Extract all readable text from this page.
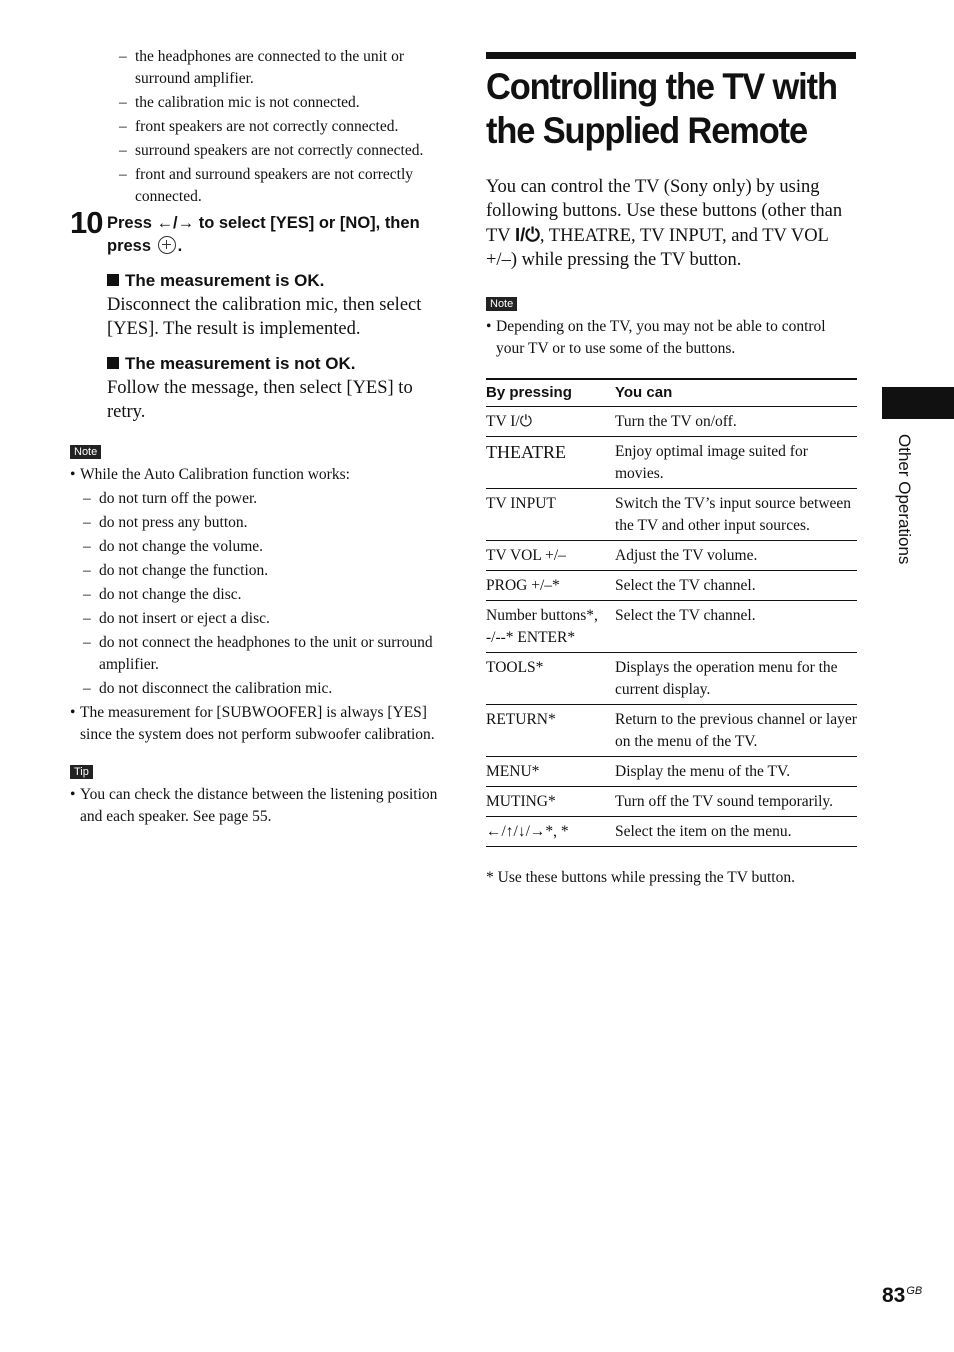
– the headphones are connected to the unit or surround amplifier.
– the calibration mic is not connected.
– front speakers are not correctly connected.
– surround speakers are not correctly connected.
– front and surround speakers are not correctly connected.
10 Press ←/→ to select [YES] or [NO], then press .
The measurement is OK.
Disconnect the calibration mic, then select [YES]. The result is implemented.
The measurement is not OK.
Follow the message, then select [YES] to retry.
Note
• While the Auto Calibration function works:
– do not turn off the power.
– do not press any button.
– do not change the volume.
– do not change the function.
– do not change the disc.
– do not insert or eject a disc.
– do not connect the headphones to the unit or surround amplifier.
– do not disconnect the calibration mic.
• The measurement for [SUBWOOFER] is always [YES] since the system does not perform subwoofer calibration.
Tip
• You can check the distance between the listening position and each speaker. See page 55.
Controlling the TV with the Supplied Remote
You can control the TV (Sony only) by using following buttons. Use these buttons (other than TV I/⏻, THEATRE, TV INPUT, and TV VOL +/–) while pressing the TV button.
Note
• Depending on the TV, you may not be able to control your TV or to use some of the buttons.
By pressing	You can
TV I/⏻	Turn the TV on/off.
THEATRE	Enjoy optimal image suited for movies.
TV INPUT	Switch the TV’s input source between the TV and other input sources.
TV VOL +/–	Adjust the TV volume.
PROG +/–*	Select the TV channel.
Number buttons*, -/--* ENTER*	Select the TV channel.
TOOLS*	Displays the operation menu for the current display.
RETURN*	Return to the previous channel or layer on the menu of the TV.
MENU*	Display the menu of the TV.
MUTING*	Turn off the TV sound temporarily.
←/↑/↓/→*, *	Select the item on the menu.
* Use these buttons while pressing the TV button.
Other Operations
$83^{GB}$
